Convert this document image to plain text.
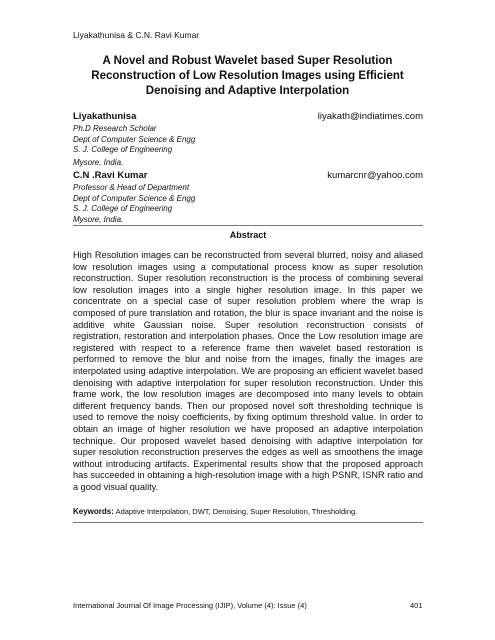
Liyakathunisa & C.N. Ravi Kumar
A Novel and Robust Wavelet based Super Resolution
Reconstruction of Low Resolution Images using Efficient
Denoising and Adaptive Interpolation
Liyakathunisa	liyakath@indiatimes.com
Ph.D Research Scholar
Dept of Computer Science & Engg
S. J. College of Engineering
Mysore, India.
C.N .Ravi Kumar	kumarcnr@yahoo.com
Professor & Head of Department
Dept of Computer Science & Engg
S. J. College of Engineering
Mysore, India.
Abstract
High Resolution images can be reconstructed from several blurred, noisy and aliased low resolution images using a computational process know as super resolution reconstruction. Super resolution reconstruction is the process of combining several low resolution images into a single higher resolution image. In this paper we concentrate on a special case of super resolution problem where the wrap is composed of pure translation and rotation, the blur is space invariant and the noise is additive white Gaussian noise. Super resolution reconstruction consists of registration, restoration and interpolation phases. Once the Low resolution image are registered with respect to a reference frame then wavelet based restoration is performed to remove the blur and noise from the images, finally the images are interpolated using adaptive interpolation. We are proposing an efficient wavelet based denoising with adaptive interpolation for super resolution reconstruction. Under this frame work, the low resolution images are decomposed into many levels to obtain different frequency bands. Then our proposed novel soft thresholding technique is used to remove the noisy coefficients, by fixing optimum threshold value. In order to obtain an image of higher resolution we have proposed an adaptive interpolation technique. Our proposed wavelet based denoising with adaptive interpolation for super resolution reconstruction preserves the edges as well as smoothens the image without introducing artifacts. Experimental results show that the proposed approach has succeeded in obtaining a high-resolution image with a high PSNR, ISNR ratio and a good visual quality.
Keywords: Adaptive Interpolation, DWT, Denoising, Super Resolution, Thresholding.
International Journal Of Image Processing (IJIP), Volume (4): Issue (4)	401
